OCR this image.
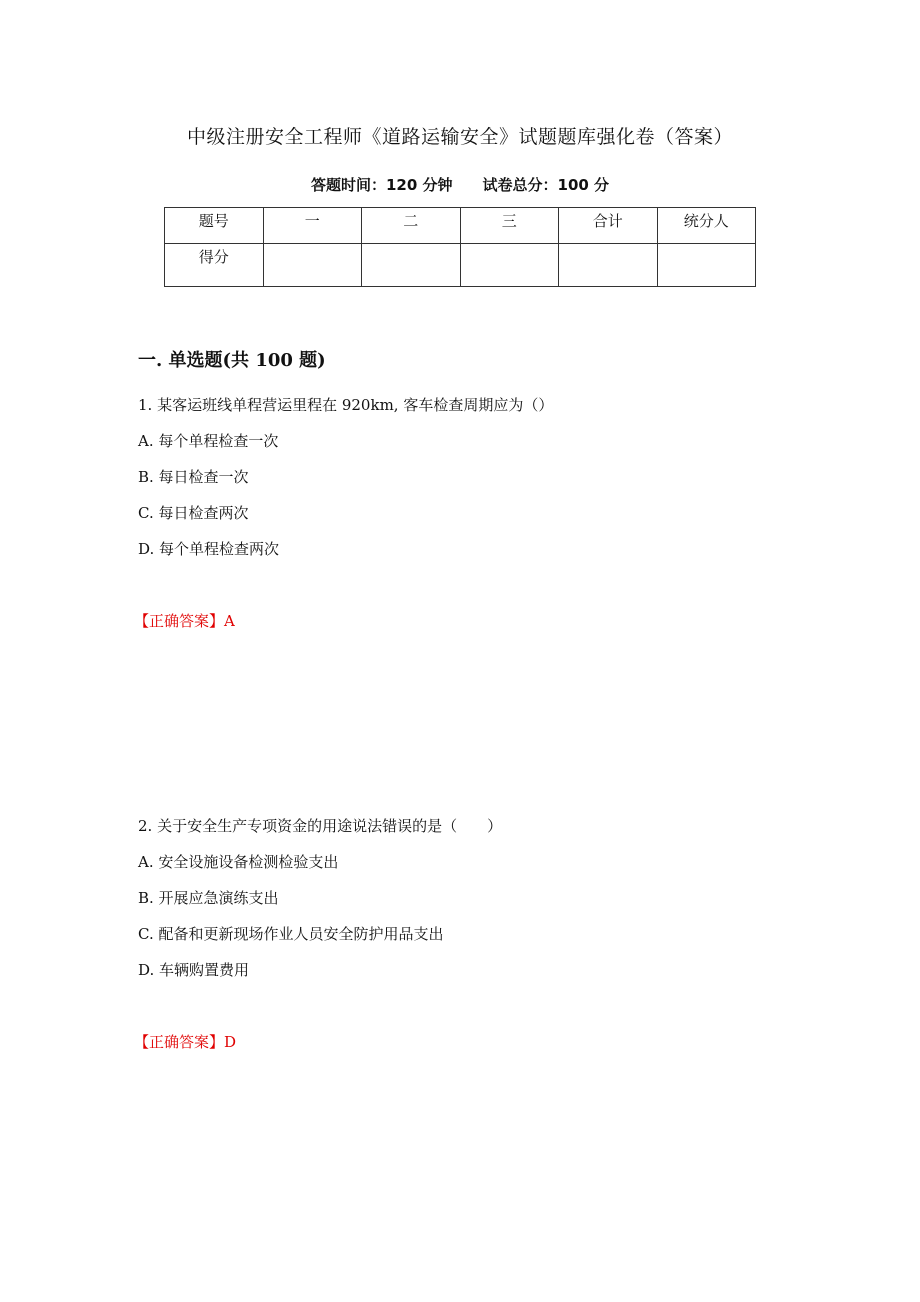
中级注册安全工程师《道路运输安全》试题题库强化卷（答案）
答题时间：120 分钟 试卷总分：100 分
题号	一	二	三	合计	统分人
得分					
一. 单选题(共 100 题)
1. 某客运班线单程营运里程在 920km, 客车检查周期应为（）
A. 每个单程检查一次
B. 每日检查一次
C. 每日检查两次
D. 每个单程检查两次
【正确答案】A
2. 关于安全生产专项资金的用途说法错误的是（　　）
A. 安全设施设备检测检验支出
B. 开展应急演练支出
C. 配备和更新现场作业人员安全防护用品支出
D. 车辆购置费用
【正确答案】D
